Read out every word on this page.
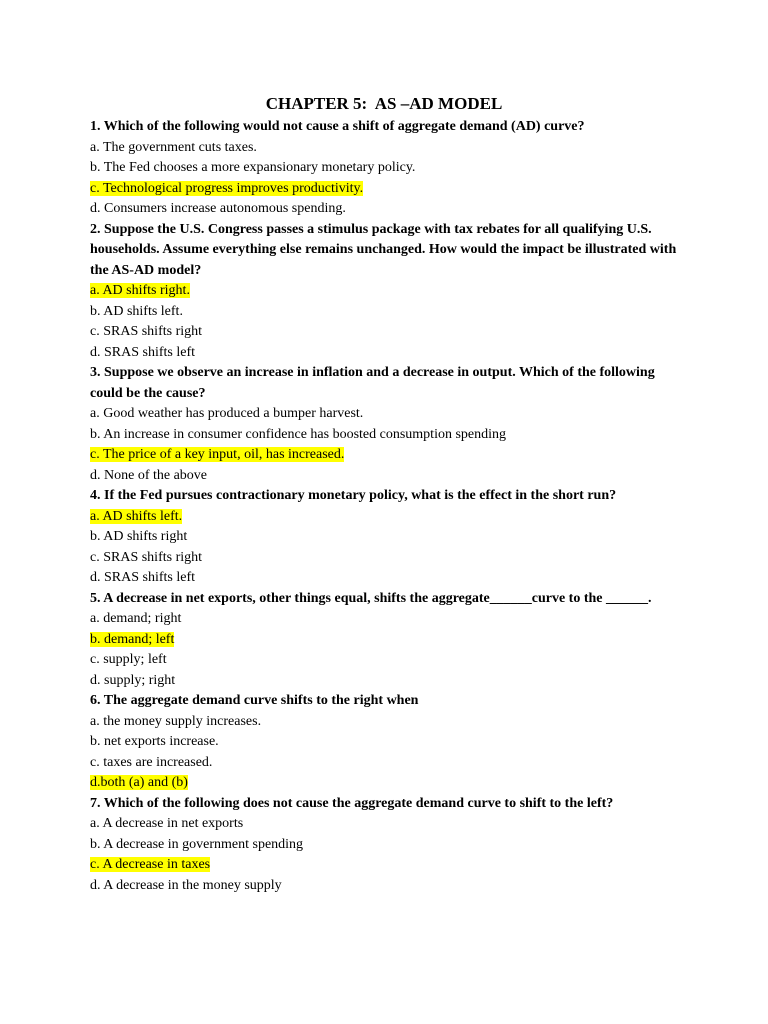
CHAPTER 5:  AS –AD MODEL
1. Which of the following would not cause a shift of aggregate demand (AD) curve?
a. The government cuts taxes.
b. The Fed chooses a more expansionary monetary policy.
c. Technological progress improves productivity.
d. Consumers increase autonomous spending.
2. Suppose the U.S. Congress passes a stimulus package with tax rebates for all qualifying U.S. households. Assume everything else remains unchanged. How would the impact be illustrated with the AS-AD model?
a. AD shifts right.
b. AD shifts left.
c. SRAS shifts right
d. SRAS shifts left
3. Suppose we observe an increase in inflation and a decrease in output. Which of the following could be the cause?
a. Good weather has produced a bumper harvest.
b. An increase in consumer confidence has boosted consumption spending
c. The price of a key input, oil, has increased.
d. None of the above
4. If the Fed pursues contractionary monetary policy, what is the effect in the short run?
a. AD shifts left.
b. AD shifts right
c. SRAS shifts right
d. SRAS shifts left
5. A decrease in net exports, other things equal, shifts the aggregate______curve to the ______.
a. demand; right
b. demand; left
c. supply; left
d. supply; right
6. The aggregate demand curve shifts to the right when
a. the money supply increases.
b. net exports increase.
c. taxes are increased.
d.both (a) and (b)
7. Which of the following does not cause the aggregate demand curve to shift to the left?
a. A decrease in net exports
b. A decrease in government spending
c. A decrease in taxes
d. A decrease in the money supply
